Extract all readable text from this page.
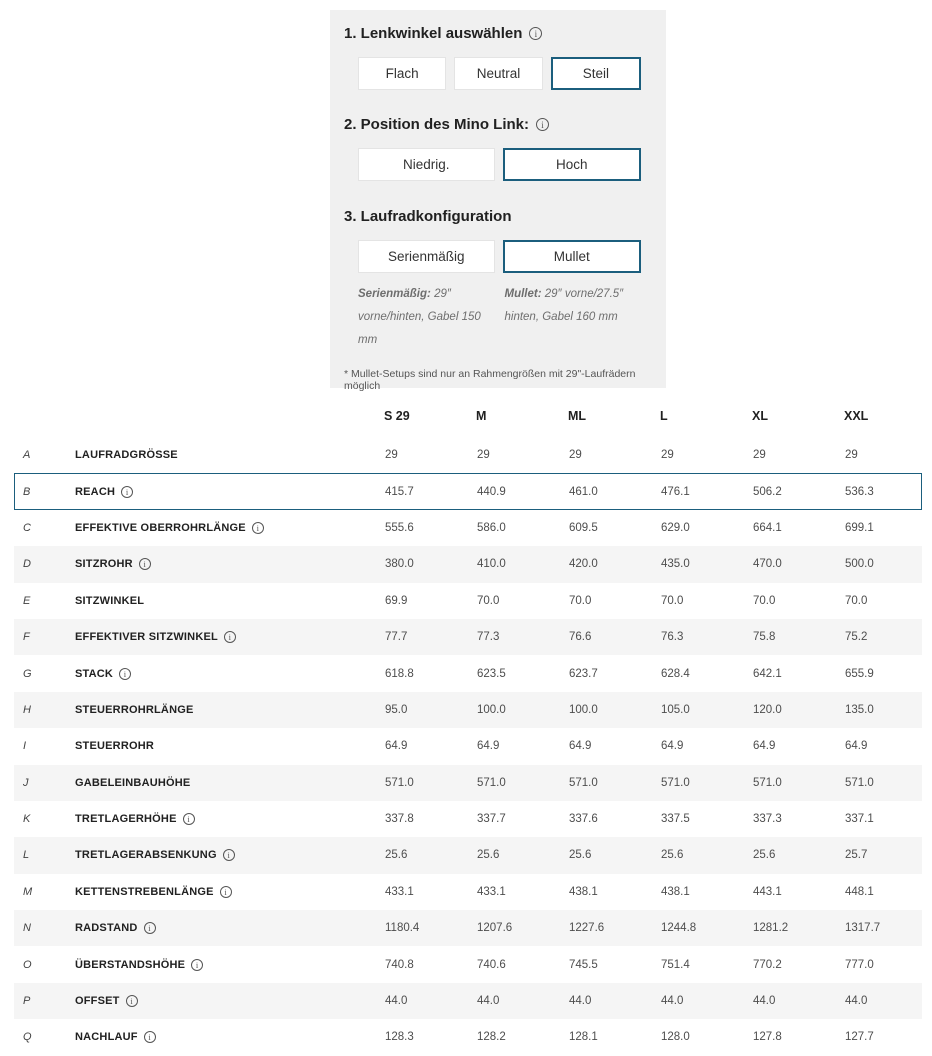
1. Lenkwinkel auswählen
i
Flach	Neutral	Steil
2. Position des Mino Link:
i
Niedrig.	Hoch
3. Laufradkonfiguration
Serienmäßig	Mullet

Serienmäßig: 29″ vorne/hinten, Gabel 150 mm

Mullet: 29″ vorne/27.5″ hinten, Gabel 160 mm

* Mullet-Setups sind nur an Rahmengrößen mit 29"-Laufrädern möglich

S 29	M	ML	L	XL	XXL
A	LAUFRADGRÖSSE	29	29	29	29	29	29
B	REACH i	415.7	440.9	461.0	476.1	506.2	536.3
C	EFFEKTIVE OBERROHRLÄNGE i	555.6	586.0	609.5	629.0	664.1	699.1
D	SITZROHR i	380.0	410.0	420.0	435.0	470.0	500.0
E	SITZWINKEL	69.9	70.0	70.0	70.0	70.0	70.0
F	EFFEKTIVER SITZWINKEL i	77.7	77.3	76.6	76.3	75.8	75.2
G	STACK i	618.8	623.5	623.7	628.4	642.1	655.9
H	STEUERROHRLÄNGE	95.0	100.0	100.0	105.0	120.0	135.0
I	STEUERROHR	64.9	64.9	64.9	64.9	64.9	64.9
J	GABELEINBAUHÖHE	571.0	571.0	571.0	571.0	571.0	571.0
K	TRETLAGERHÖHE i	337.8	337.7	337.6	337.5	337.3	337.1
L	TRETLAGERABSENKUNG i	25.6	25.6	25.6	25.6	25.6	25.7
M	KETTENSTREBENLÄNGE i	433.1	433.1	438.1	438.1	443.1	448.1
N	RADSTAND i	1180.4	1207.6	1227.6	1244.8	1281.2	1317.7
O	ÜBERSTANDSHÖHE i	740.8	740.6	745.5	751.4	770.2	777.0
P	OFFSET i	44.0	44.0	44.0	44.0	44.0	44.0
Q	NACHLAUF i	128.3	128.2	128.1	128.0	127.8	127.7
